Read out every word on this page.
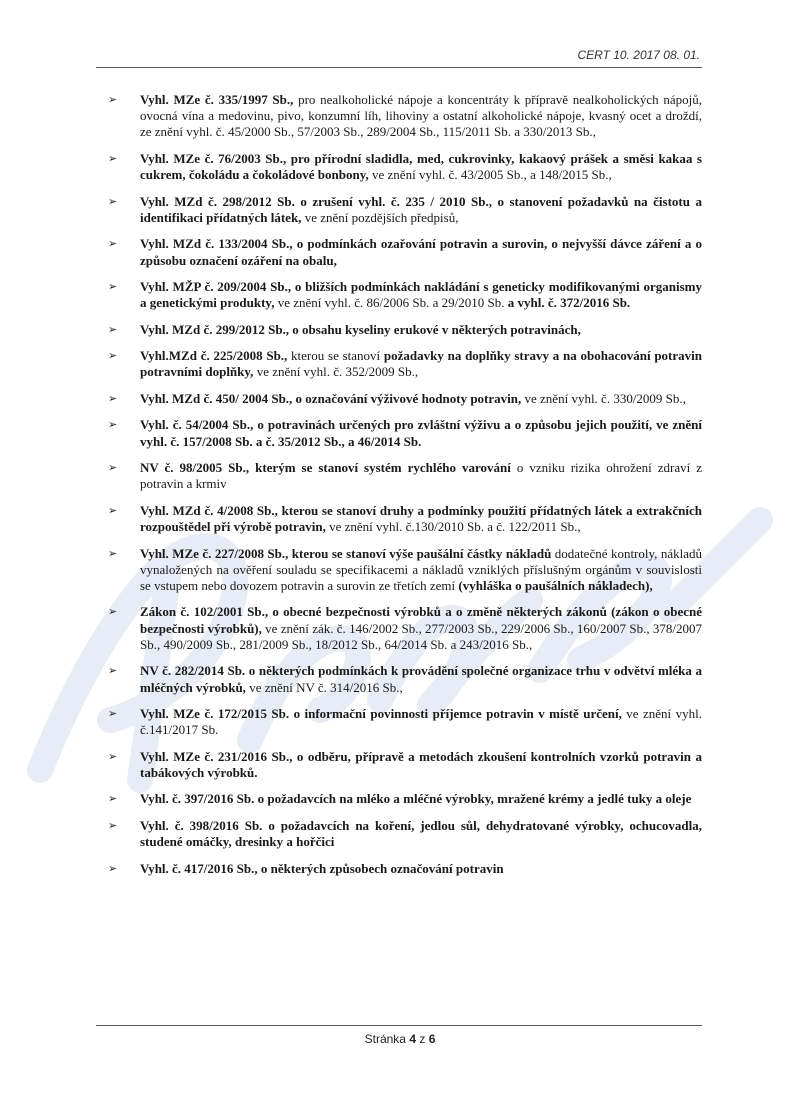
CERT 10. 2017 08. 01.
➢	Vyhl. MZe č. 335/1997 Sb., pro nealkoholické nápoje a koncentráty k přípravě nealkoholických nápojů, ovocná vína a medovinu, pivo, konzumní líh, lihoviny a ostatní alkoholické nápoje, kvasný ocet a droždí, ze znění vyhl. č. 45/2000 Sb., 57/2003 Sb., 289/2004 Sb., 115/2011 Sb. a 330/2013 Sb.,
➢	Vyhl. MZe č. 76/2003 Sb., pro přírodní sladidla, med, cukrovinky, kakaový prášek a směsi kakaa s cukrem, čokoládu a čokoládové bonbony, ve znění vyhl. č. 43/2005 Sb., a 148/2015 Sb.,
➢	Vyhl. MZd č. 298/2012 Sb. o zrušení vyhl. č. 235 / 2010 Sb., o stanovení požadavků na čistotu a identifikaci přídatných látek, ve znění pozdějších předpisů,
➢	Vyhl. MZd č. 133/2004 Sb., o podmínkách ozařování potravin a surovin, o nejvyšší dávce záření a o způsobu označení ozáření na obalu,
➢	Vyhl. MŽP č. 209/2004 Sb., o bližších podmínkách nakládání s geneticky modifikovanými organismy a genetickými produkty, ve znění vyhl. č. 86/2006 Sb. a 29/2010 Sb. a vyhl. č. 372/2016 Sb.
➢	Vyhl. MZd č. 299/2012 Sb., o obsahu kyseliny erukové v některých potravinách,
➢	Vyhl.MZd č. 225/2008 Sb., kterou se stanoví požadavky na doplňky stravy a na obohacování potravin potravními doplňky, ve znění vyhl. č. 352/2009 Sb.,
➢	Vyhl. MZd č. 450/ 2004 Sb., o označování výživové hodnoty potravin, ve znění vyhl. č. 330/2009 Sb.,
➢	Vyhl. č. 54/2004 Sb., o potravinách určených pro zvláštní výživu a o způsobu jejich použití, ve znění vyhl. č. 157/2008 Sb. a č. 35/2012 Sb., a 46/2014 Sb.
➢	NV č. 98/2005 Sb., kterým se stanoví systém rychlého varování o vzniku rizika ohrožení zdraví z potravin a krmiv
➢	Vyhl. MZd č. 4/2008 Sb., kterou se stanoví druhy a podmínky použití přídatných látek a extrakčních rozpouštědel při výrobě potravin, ve znění vyhl. č.130/2010 Sb. a č. 122/2011 Sb.,
➢	Vyhl. MZe č. 227/2008 Sb., kterou se stanoví výše paušální částky nákladů dodatečné kontroly, nákladů vynaložených na ověření souladu se specifikacemi a nákladů vzniklých příslušným orgánům v souvislosti se vstupem nebo dovozem potravin a surovin ze třetích zemí (vyhláška o paušálních nákladech),
➢	Zákon č. 102/2001 Sb., o obecné bezpečnosti výrobků a o změně některých zákonů (zákon o obecné bezpečnosti výrobků), ve znění zák. č. 146/2002 Sb., 277/2003 Sb., 229/2006 Sb., 160/2007 Sb., 378/2007 Sb., 490/2009 Sb., 281/2009 Sb., 18/2012 Sb., 64/2014 Sb. a 243/2016 Sb.,
➢	NV č. 282/2014 Sb. o některých podmínkách k provádění společné organizace trhu v odvětví mléka a mléčných výrobků, ve znění NV č. 314/2016 Sb.,
➢	Vyhl. MZe č. 172/2015 Sb. o informační povinnosti příjemce potravin v místě určení, ve znění vyhl. č.141/2017 Sb.
➢	Vyhl. MZe č. 231/2016 Sb., o odběru, přípravě a metodách zkoušení kontrolních vzorků potravin a tabákových výrobků.
➢	Vyhl. č. 397/2016 Sb. o požadavcích na mléko a mléčné výrobky, mražené krémy a jedlé tuky a oleje
➢	Vyhl. č. 398/2016 Sb. o požadavcích na koření, jedlou sůl, dehydratované výrobky, ochucovadla, studené omáčky, dresinky a hořčici
➢	Vyhl. č. 417/2016 Sb., o některých způsobech označování potravin
Stránka 4 z 6
